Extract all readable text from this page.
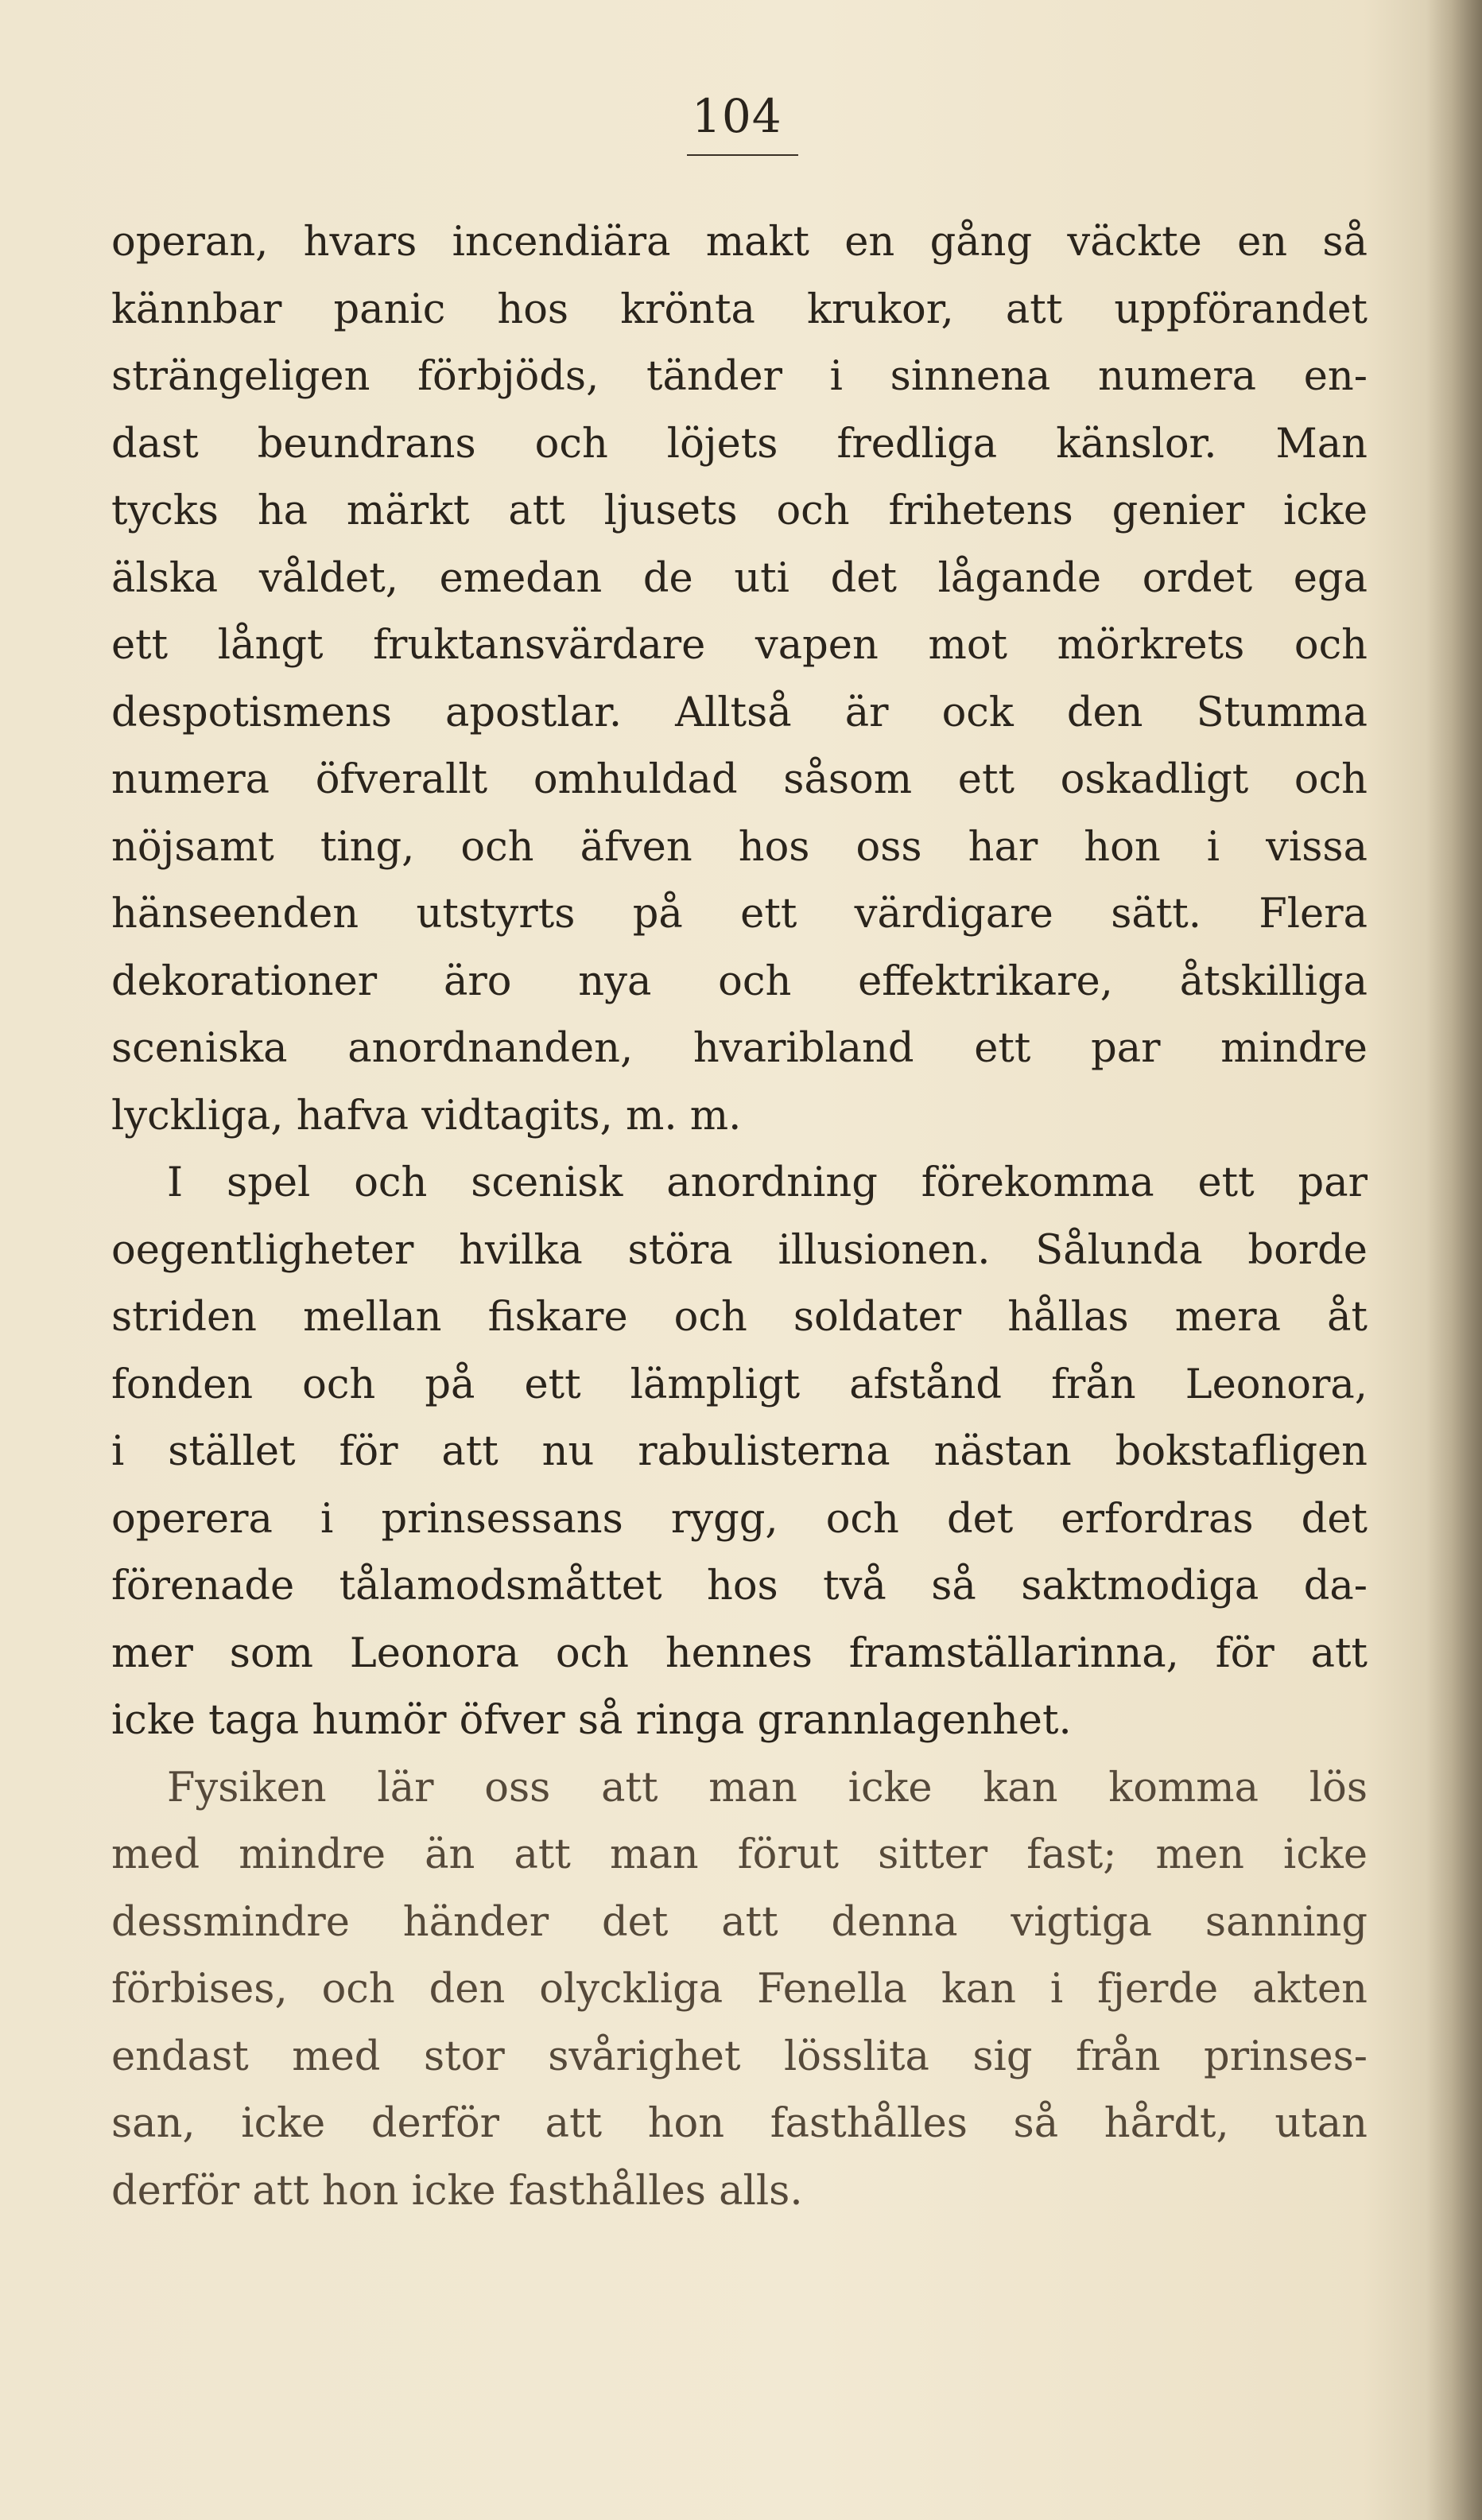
104
operan, hvars incendiära makt en gång väckte en så
kännbar panic hos krönta krukor, att uppförandet
strängeligen förbjöds, tänder i sinnena numera en-
dast beundrans och löjets fredliga känslor. Man
tycks ha märkt att ljusets och frihetens genier icke
älska våldet, emedan de uti det lågande ordet ega
ett långt fruktansvärdare vapen mot mörkrets och
despotismens apostlar. Alltså är ock den Stumma
numera öfverallt omhuldad såsom ett oskadligt och
nöjsamt ting, och äfven hos oss har hon i vissa
hänseenden utstyrts på ett värdigare sätt. Flera
dekorationer äro nya och effektrikare, åtskilliga
sceniska anordnanden, hvaribland ett par mindre
lyckliga, hafva vidtagits, m. m.
I spel och scenisk anordning förekomma ett par
oegentligheter hvilka störa illusionen. Sålunda borde
striden mellan fiskare och soldater hållas mera åt
fonden och på ett lämpligt afstånd från Leonora,
i stället för att nu rabulisterna nästan bokstafligen
operera i prinsessans rygg, och det erfordras det
förenade tålamodsmåttet hos två så saktmodiga da-
mer som Leonora och hennes framställarinna, för att
icke taga humör öfver så ringa grannlagenhet.
Fysiken lär oss att man icke kan komma lös
med mindre än att man förut sitter fast; men icke
dessmindre händer det att denna vigtiga sanning
förbises, och den olyckliga Fenella kan i fjerde akten
endast med stor svårighet lösslita sig från prinses-
san, icke derför att hon fasthålles så hårdt, utan
derför att hon icke fasthålles alls.
